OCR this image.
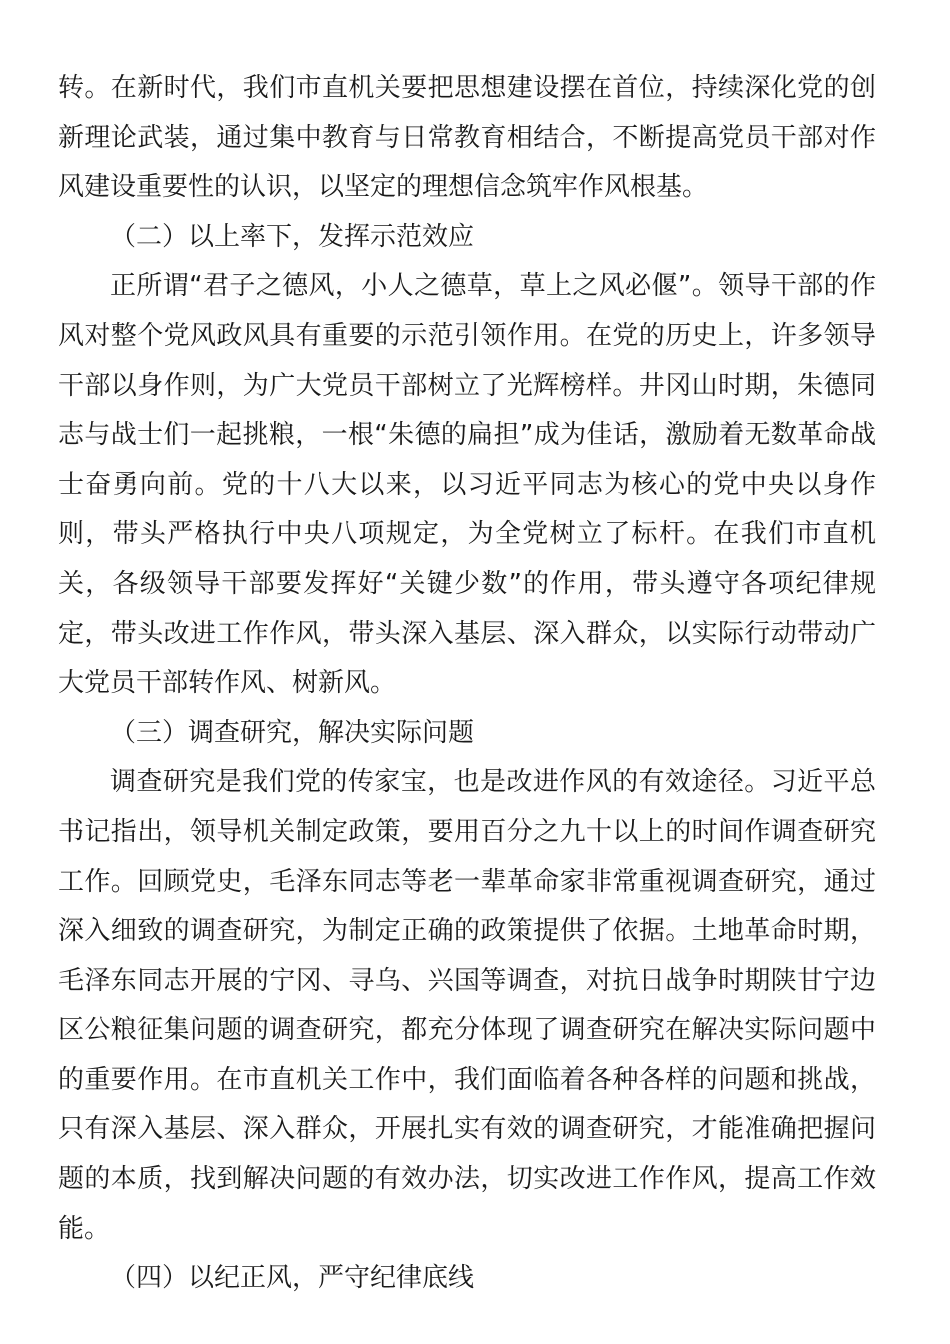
转。在新时代，我们市直机关要把思想建设摆在首位，持续深化党的创新理论武装，通过集中教育与日常教育相结合，不断提高党员干部对作风建设重要性的认识，以坚定的理想信念筑牢作风根基。

（二）以上率下，发挥示范效应

正所谓“君子之德风，小人之德草，草上之风必偃”。领导干部的作风对整个党风政风具有重要的示范引领作用。在党的历史上，许多领导干部以身作则，为广大党员干部树立了光辉榜样。井冈山时期，朱德同志与战士们一起挑粮，一根“朱德的扁担”成为佳话，激励着无数革命战士奋勇向前。党的十八大以来，以习近平同志为核心的党中央以身作则，带头严格执行中央八项规定，为全党树立了标杆。在我们市直机关，各级领导干部要发挥好“关键少数”的作用，带头遵守各项纪律规定，带头改进工作作风，带头深入基层、深入群众，以实际行动带动广大党员干部转作风、树新风。

（三）调查研究，解决实际问题

调查研究是我们党的传家宝，也是改进作风的有效途径。习近平总书记指出，领导机关制定政策，要用百分之九十以上的时间作调查研究工作。回顾党史，毛泽东同志等老一辈革命家非常重视调查研究，通过深入细致的调查研究，为制定正确的政策提供了依据。土地革命时期，毛泽东同志开展的宁冈、寻乌、兴国等调查，对抗日战争时期陕甘宁边区公粮征集问题的调查研究，都充分体现了调查研究在解决实际问题中的重要作用。在市直机关工作中，我们面临着各种各样的问题和挑战，只有深入基层、深入群众，开展扎实有效的调查研究，才能准确把握问题的本质，找到解决问题的有效办法，切实改进工作作风，提高工作效能。

（四）以纪正风，严守纪律底线
